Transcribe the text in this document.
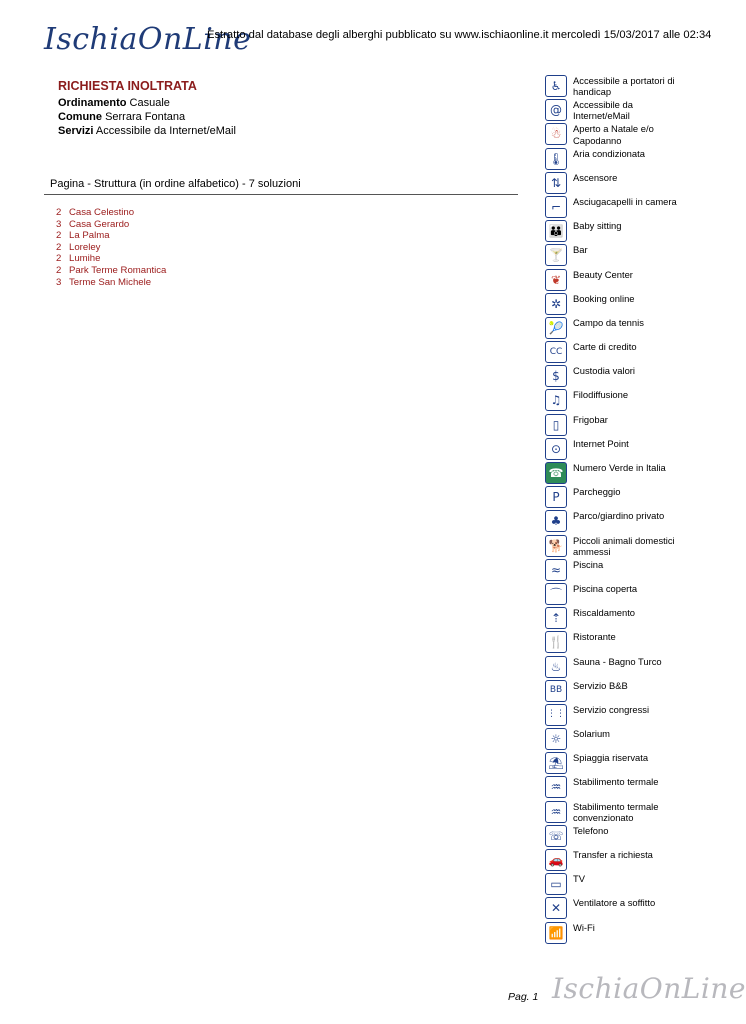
IschiaOnLine
Estratto dal database degli alberghi pubblicato su www.ischiaonline.it mercoledì 15/03/2017 alle 02:34
RICHIESTA INOLTRATA
Ordinamento Casuale
Comune Serrara Fontana
Servizi Accessibile da Internet/eMail
Pagina - Struttura (in ordine alfabetico) - 7 soluzioni
2 Casa Celestino
3 Casa Gerardo
2 La Palma
2 Loreley
2 Lumihe
2 Park Terme Romantica
3 Terme San Michele
♿	Accessibile a portatori di handicap
@	Accessibile da Internet/eMail
☃	Aperto a Natale e/o Capodanno
🌡 Aria condizionata
⇅	Ascensore
⌐	Asciugacapelli in camera
👪	Baby sitting
🍸	Bar
❦	Beauty Center
✲	Booking online
🎾	Campo da tennis
CC	Carte di credito
$	Custodia valori
♫	Filodiffusione
▯	Frigobar
⊙	Internet Point
☎	Numero Verde in Italia
P	Parcheggio
♣	Parco/giardino privato
🐕	Piccoli animali domestici ammessi
≈	Piscina
⌒	Piscina coperta
⇡	Riscaldamento
🍴	Ristorante
♨	Sauna - Bagno Turco
BB	Servizio B&B
⋮⋮ Servizio congressi
☼	Solarium
⛱ Spiaggia riservata
♒	Stabilimento termale
♒	Stabilimento termale convenzionato
☏	Telefono
🚗	Transfer a richiesta
▭	TV
✕	Ventilatore a soffitto
📶	Wi-Fi
Pag. 1 IschiaOnLine
